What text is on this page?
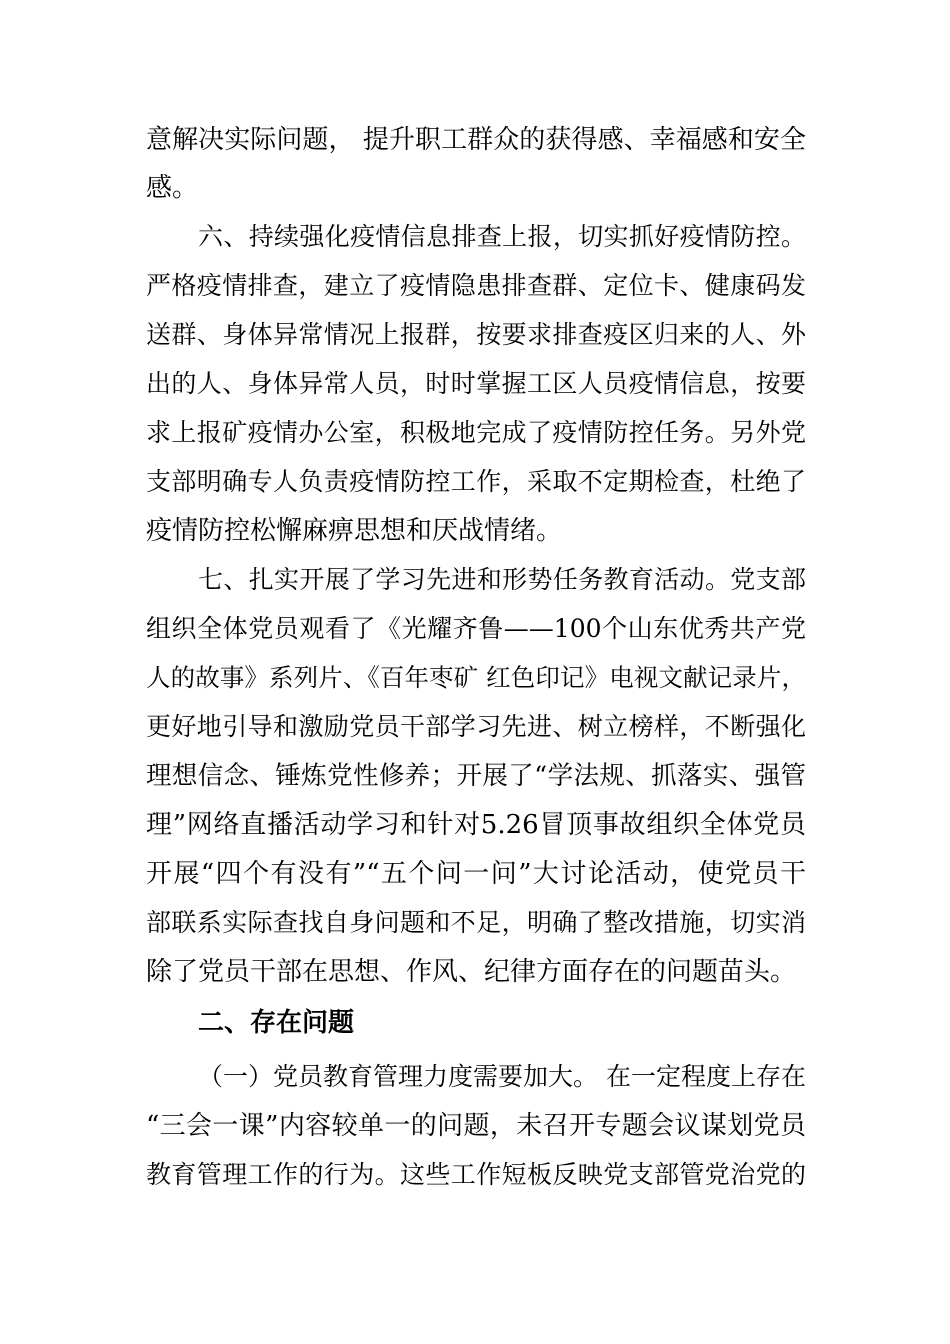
意解决实际问题， 提升职工群众的获得感、幸福感和安全
感。
六、持续强化疫情信息排查上报，切实抓好疫情防控。
严格疫情排查，建立了疫情隐患排查群、定位卡、健康码发
送群、身体异常情况上报群，按要求排查疫区归来的人、外
出的人、身体异常人员，时时掌握工区人员疫情信息，按要
求上报矿疫情办公室，积极地完成了疫情防控任务。另外党
支部明确专人负责疫情防控工作，采取不定期检查，杜绝了
疫情防控松懈麻痹思想和厌战情绪。
七、扎实开展了学习先进和形势任务教育活动。党支部
组织全体党员观看了《光耀齐鲁——100个山东优秀共产党
人的故事》系列片、《百年枣矿 红色印记》电视文献记录片，
更好地引导和激励党员干部学习先进、树立榜样，不断强化
理想信念、锤炼党性修养；开展了“学法规、抓落实、强管
理”网络直播活动学习和针对5.26冒顶事故组织全体党员
开展“四个有没有”“五个问一问”大讨论活动，使党员干
部联系实际查找自身问题和不足，明确了整改措施，切实消
除了党员干部在思想、作风、纪律方面存在的问题苗头。
二、存在问题
（一）党员教育管理力度需要加大。 在一定程度上存在
“三会一课”内容较单一的问题，未召开专题会议谋划党员
教育管理工作的行为。这些工作短板反映党支部管党治党的
